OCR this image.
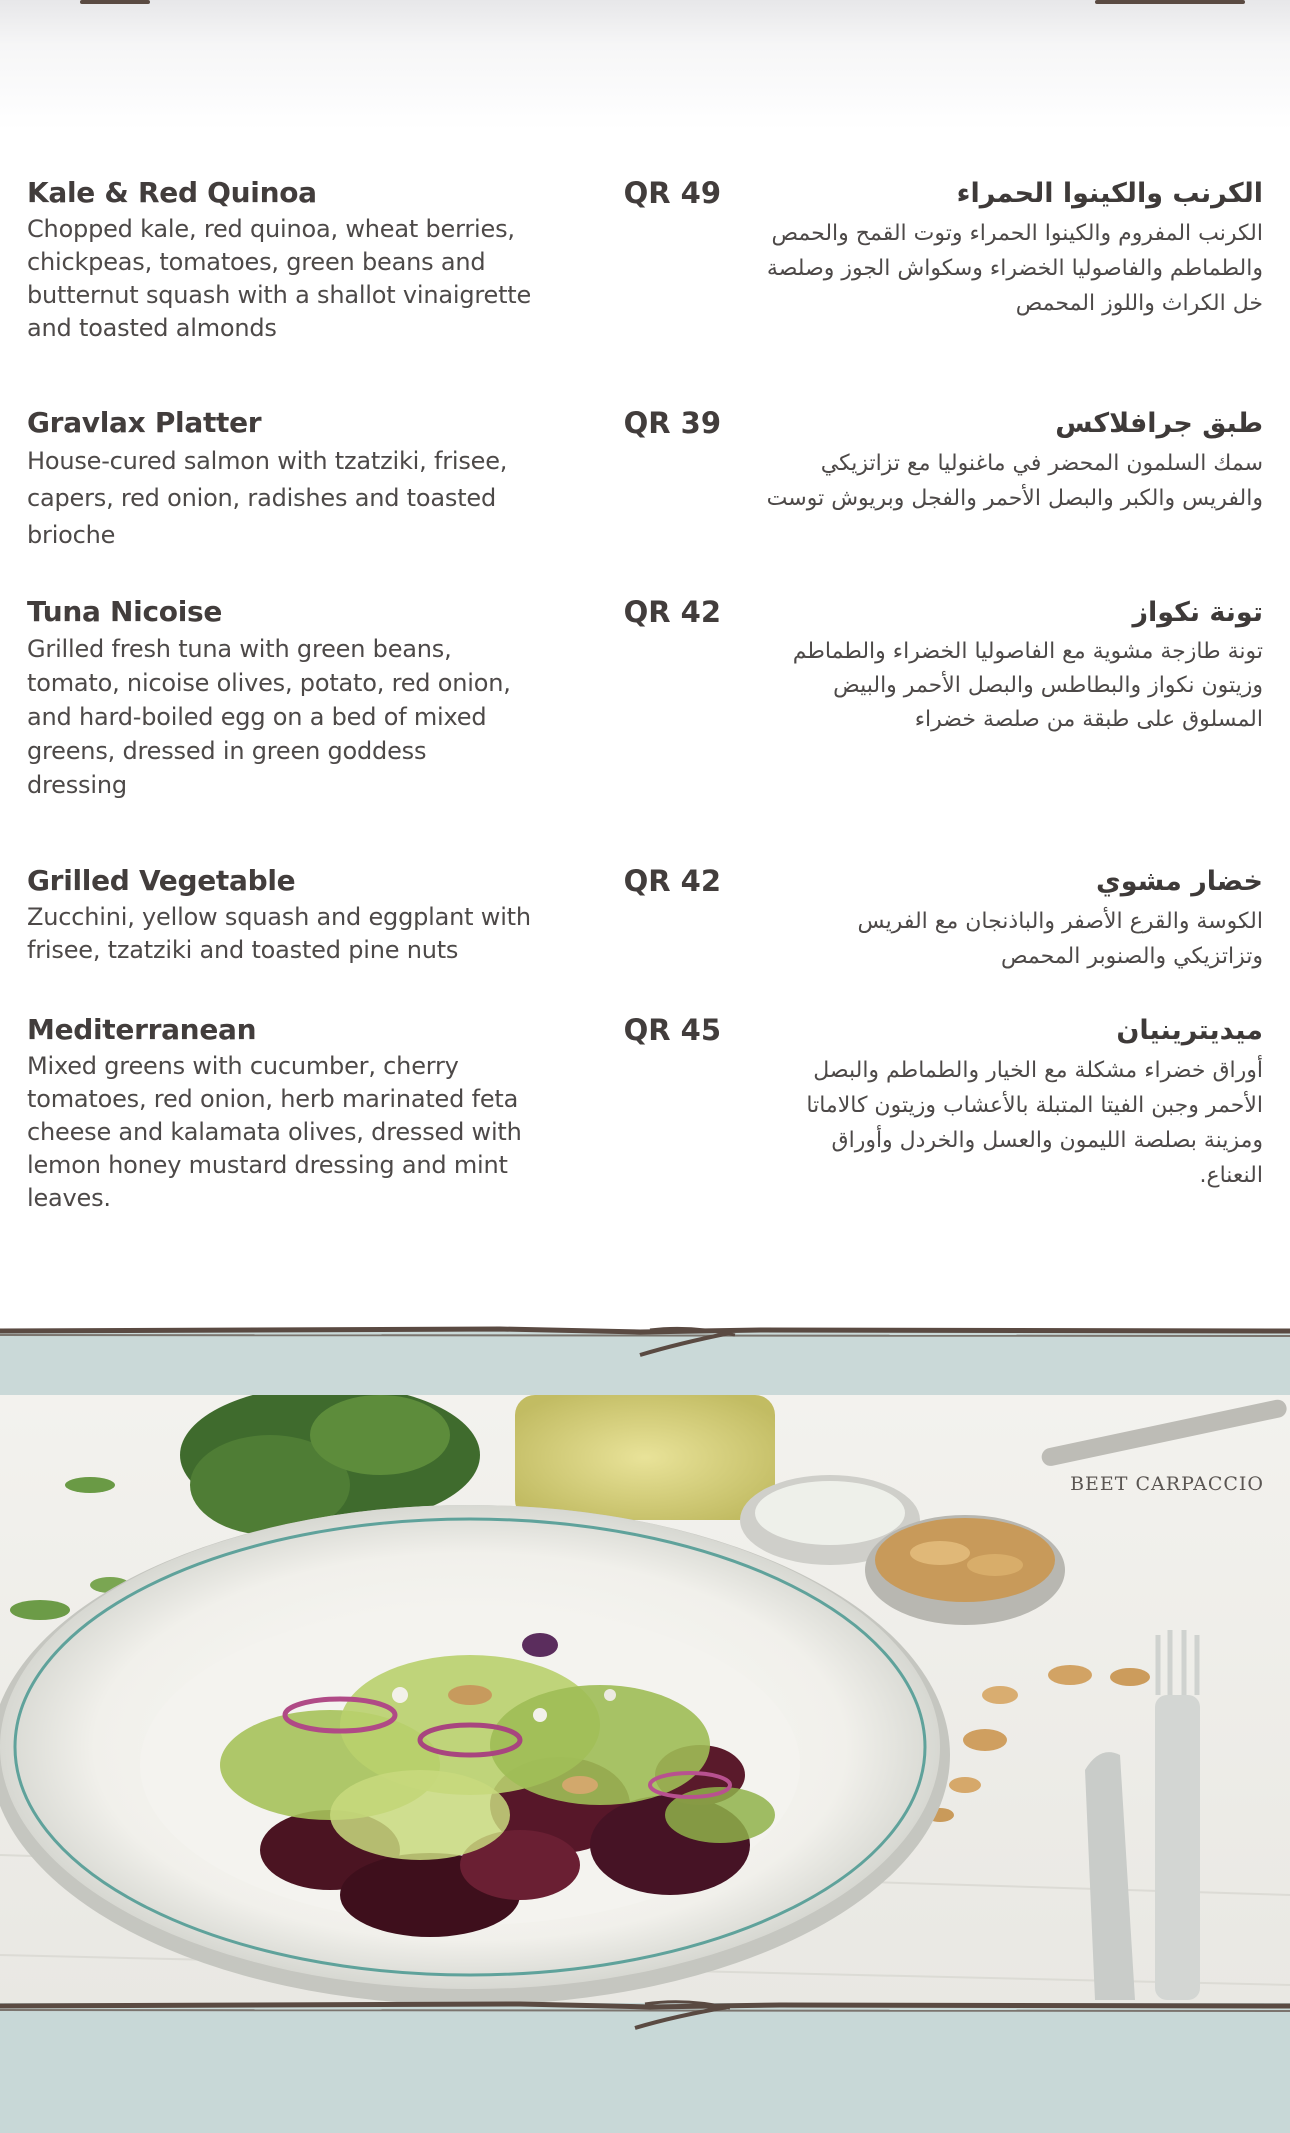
Kale & Red Quinoa
Chopped kale, red quinoa, wheat berries, chickpeas, tomatoes, green beans and butternut squash with a shallot vinaigrette and toasted almonds
QR 49	الكرنب والكينوا الحمراء
الكرنب المفروم والكينوا الحمراء وتوت القمح والحمص والطماطم والفاصوليا الخضراء وسكواش الجوز وصلصة خل الكراث واللوز المحمص
Gravlax Platter
House-cured salmon with tzatziki, frisee, capers, red onion, radishes and toasted brioche
QR 39	طبق جرافلاكس
سمك السلمون المحضر في ماغنوليا مع تزاتزيكي والفريس والكبر والبصل الأحمر والفجل وبريوش توست
Tuna Nicoise
Grilled fresh tuna with green beans, tomato, nicoise olives, potato, red onion, and hard-boiled egg on a bed of mixed greens, dressed in green goddess dressing
QR 42	تونة نكواز
تونة طازجة مشوية مع الفاصوليا الخضراء والطماطم وزيتون نكواز والبطاطس والبصل الأحمر والبيض المسلوق على طبقة من صلصة خضراء
Grilled Vegetable
Zucchini, yellow squash and eggplant with frisee, tzatziki and toasted pine nuts
QR 42	خضار مشوي
الكوسة والقرع الأصفر والباذنجان مع الفريس وتزاتزيكي والصنوبر المحمص
Mediterranean
Mixed greens with cucumber, cherry tomatoes, red onion, herb marinated feta cheese and kalamata olives, dressed with lemon honey mustard dressing and mint leaves.
QR 45	ميديترينيان
أوراق خضراء مشكلة مع الخيار والطماطم والبصل الأحمر وجبن الفيتا المتبلة بالأعشاب وزيتون كالاماتا ومزينة بصلصة الليمون والعسل والخردل وأوراق النعناع.
BEET CARPACCIO
